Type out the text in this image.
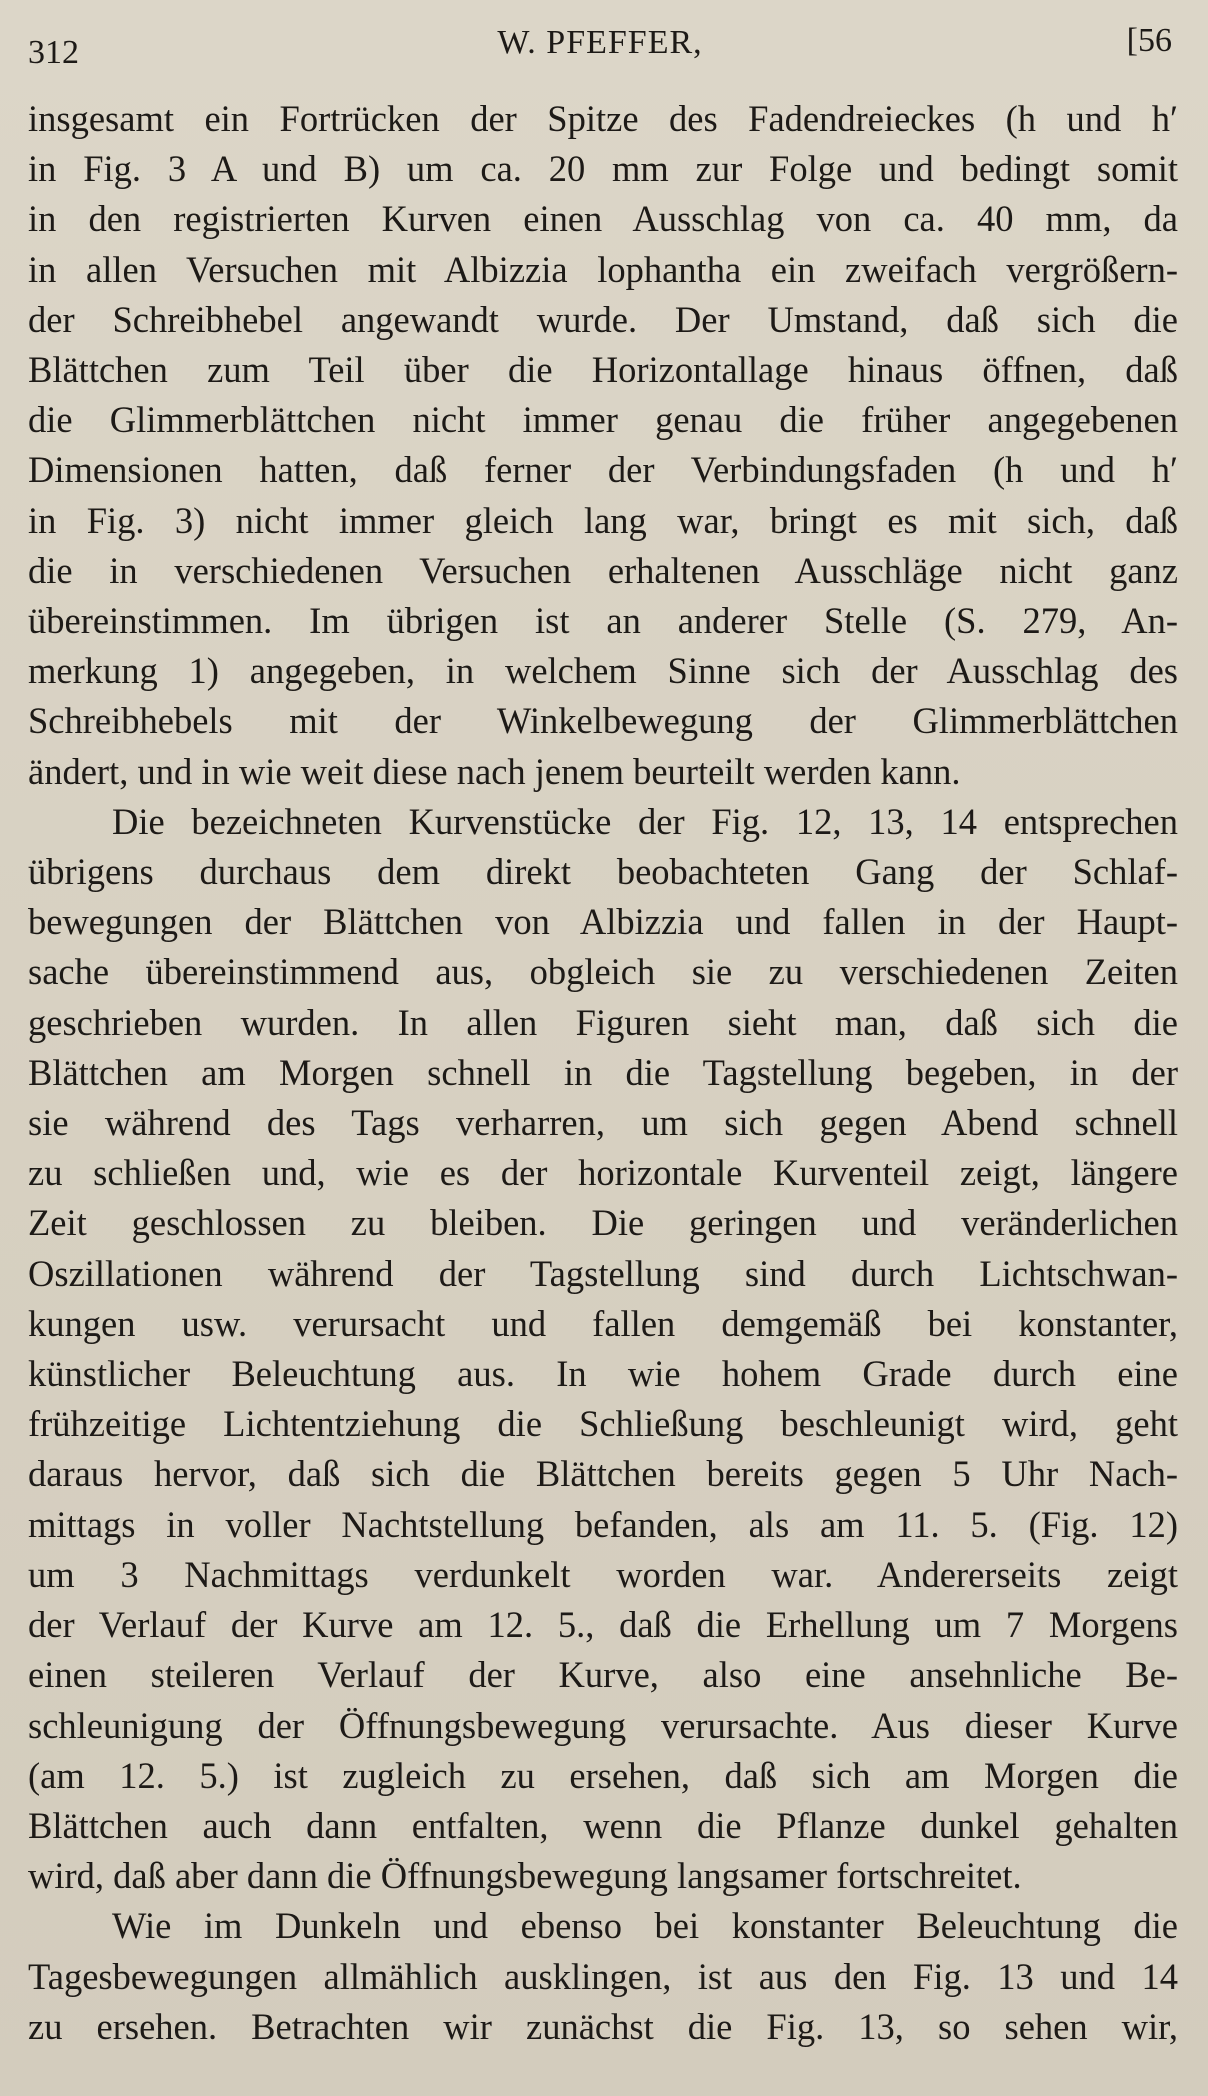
312	W. PFEFFER,	[56
insgesamt ein Fortrücken der Spitze des Fadendreieckes (h und h′
in Fig. 3 A und B) um ca. 20 mm zur Folge und bedingt somit
in den registrierten Kurven einen Ausschlag von ca. 40 mm, da
in allen Versuchen mit Albizzia lophantha ein zweifach vergrößern-
der Schreibhebel angewandt wurde. Der Umstand, daß sich die
Blättchen zum Teil über die Horizontallage hinaus öffnen, daß
die Glimmerblättchen nicht immer genau die früher angegebenen
Dimensionen hatten, daß ferner der Verbindungsfaden (h und h′
in Fig. 3) nicht immer gleich lang war, bringt es mit sich, daß
die in verschiedenen Versuchen erhaltenen Ausschläge nicht ganz
übereinstimmen. Im übrigen ist an anderer Stelle (S. 279, An-
merkung 1) angegeben, in welchem Sinne sich der Ausschlag des
Schreibhebels mit der Winkelbewegung der Glimmerblättchen
ändert, und in wie weit diese nach jenem beurteilt werden kann.
Die bezeichneten Kurvenstücke der Fig. 12, 13, 14 entsprechen
übrigens durchaus dem direkt beobachteten Gang der Schlaf-
bewegungen der Blättchen von Albizzia und fallen in der Haupt-
sache übereinstimmend aus, obgleich sie zu verschiedenen Zeiten
geschrieben wurden. In allen Figuren sieht man, daß sich die
Blättchen am Morgen schnell in die Tagstellung begeben, in der
sie während des Tags verharren, um sich gegen Abend schnell
zu schließen und, wie es der horizontale Kurventeil zeigt, längere
Zeit geschlossen zu bleiben. Die geringen und veränderlichen
Oszillationen während der Tagstellung sind durch Lichtschwan-
kungen usw. verursacht und fallen demgemäß bei konstanter,
künstlicher Beleuchtung aus. In wie hohem Grade durch eine
frühzeitige Lichtentziehung die Schließung beschleunigt wird, geht
daraus hervor, daß sich die Blättchen bereits gegen 5 Uhr Nach-
mittags in voller Nachtstellung befanden, als am 11. 5. (Fig. 12)
um 3 Nachmittags verdunkelt worden war. Andererseits zeigt
der Verlauf der Kurve am 12. 5., daß die Erhellung um 7 Morgens
einen steileren Verlauf der Kurve, also eine ansehnliche Be-
schleunigung der Öffnungsbewegung verursachte. Aus dieser Kurve
(am 12. 5.) ist zugleich zu ersehen, daß sich am Morgen die
Blättchen auch dann entfalten, wenn die Pflanze dunkel gehalten
wird, daß aber dann die Öffnungsbewegung langsamer fortschreitet.
Wie im Dunkeln und ebenso bei konstanter Beleuchtung die
Tagesbewegungen allmählich ausklingen, ist aus den Fig. 13 und 14
zu ersehen. Betrachten wir zunächst die Fig. 13, so sehen wir,
